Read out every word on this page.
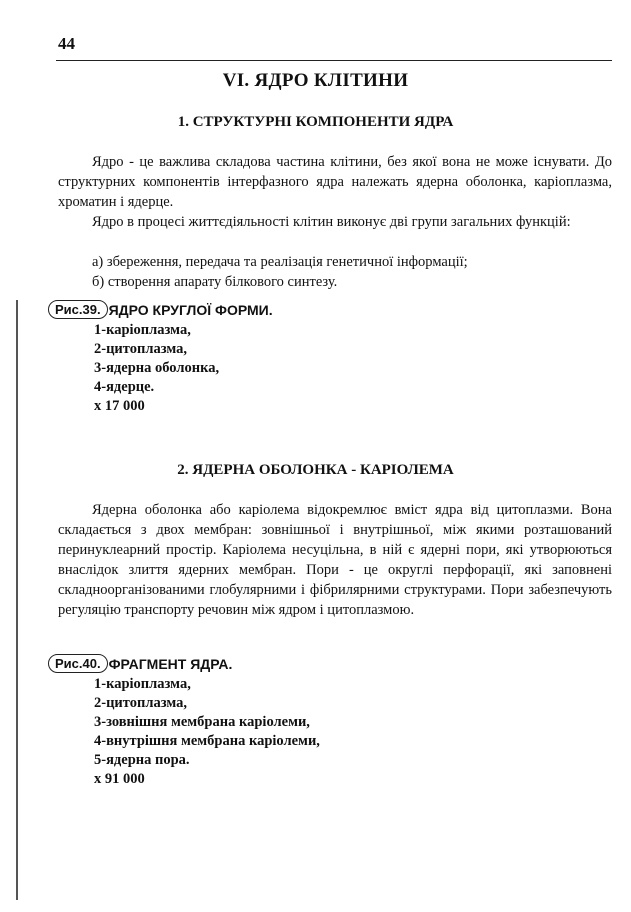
44
VI. ЯДРО КЛІТИНИ
1. СТРУКТУРНІ КОМПОНЕНТИ ЯДРА

Ядро - це важлива складова частина клітини, без якої вона не може існувати. До структурних компонентів інтерфазного ядра належать ядерна оболонка, каріоплазма, хроматин і ядерце.

Ядро в процесі життєдіяльності клітин виконує дві групи загальних функцій:

а) збереження, передача та реалізація генетичної інформації;
б) створення апарату білкового синтезу.
Рис.39. ЯДРО КРУГЛОЇ ФОРМИ.
1-каріоплазма,
2-цитоплазма,
3-ядерна оболонка,
4-ядерце.
х 17 000
2. ЯДЕРНА ОБОЛОНКА - КАРІОЛЕМА

Ядерна оболонка або каріолема відокремлює вміст ядра від цитоплазми. Вона складається з двох мембран: зовнішньої і внутрішньої, між якими розташований перинуклеарний простір. Каріолема несуцільна, в ній є ядерні пори, які утворюються внаслідок злиття ядерних мембран. Пори - це округлі перфорації, які заповнені складноорганізованими глобулярними і фібрилярними структурами. Пори забезпечують регуляцію транспорту речовин між ядром і цитоплазмою.

Рис.40. ФРАГМЕНТ ЯДРА.
1-каріоплазма,
2-цитоплазма,
3-зовнішня мембрана каріолеми,
4-внутрішня мембрана каріолеми,
5-ядерна пора.
х 91 000
